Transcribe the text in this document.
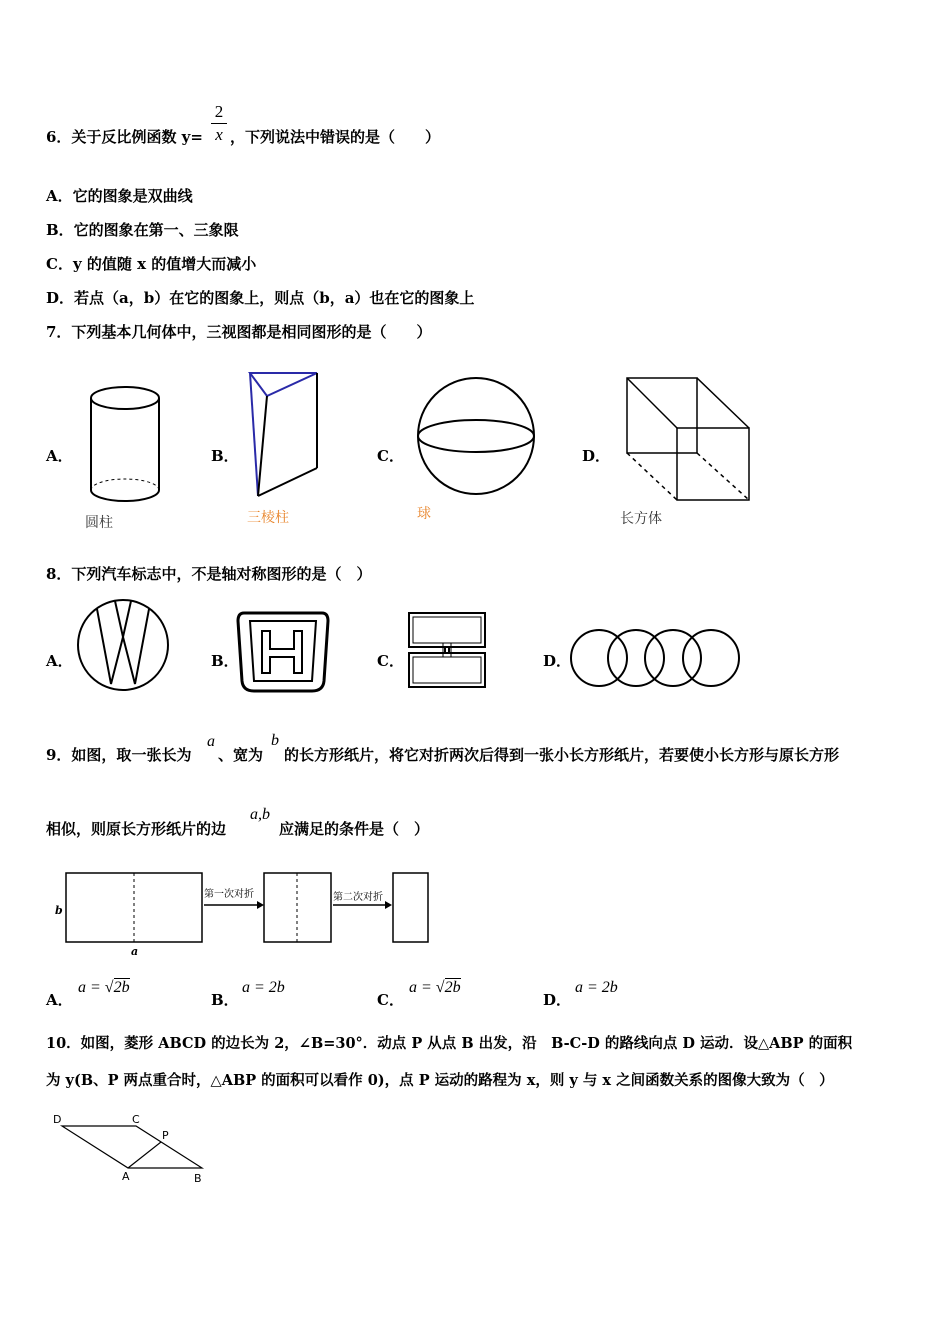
6．关于反比例函数 y=
2
x ，下列说法中错误的是（　　）
A．它的图象是双曲线
B．它的图象在第一、三象限
C．y 的值随 x 的值增大而减小
D．若点（a，b）在它的图象上，则点（b，a）也在它的图象上
7．下列基本几何体中，三视图都是相同图形的是（　　）
A．	B．	C．	D．
圆柱	三棱柱	球	长方体
8．下列汽车标志中，不是轴对称图形的是（　）
A．	B．	C．	D．
9．如图，取一张长为
a
、宽为
b
的长方形纸片，将它对折两次后得到一张小长方形纸片，若要使小长方形与原长方形
相似，则原长方形纸片的边
a,b
应满足的条件是（　）
b
a
第一次对折	第二次对折
A．
a = √2b
B．
a = 2b
C．
a = √2b
D．
a = 2b
10．如图，菱形 ABCD 的边长为 2，∠B=30°．动点 P 从点 B 出发，沿　B-C-D 的路线向点 D 运动．设△ABP 的面积
为 y(B、P 两点重合时，△ABP 的面积可以看作 0)，点 P 运动的路程为 x，则 y 与 x 之间函数关系的图像大致为（　）
D	C
P
A	B
